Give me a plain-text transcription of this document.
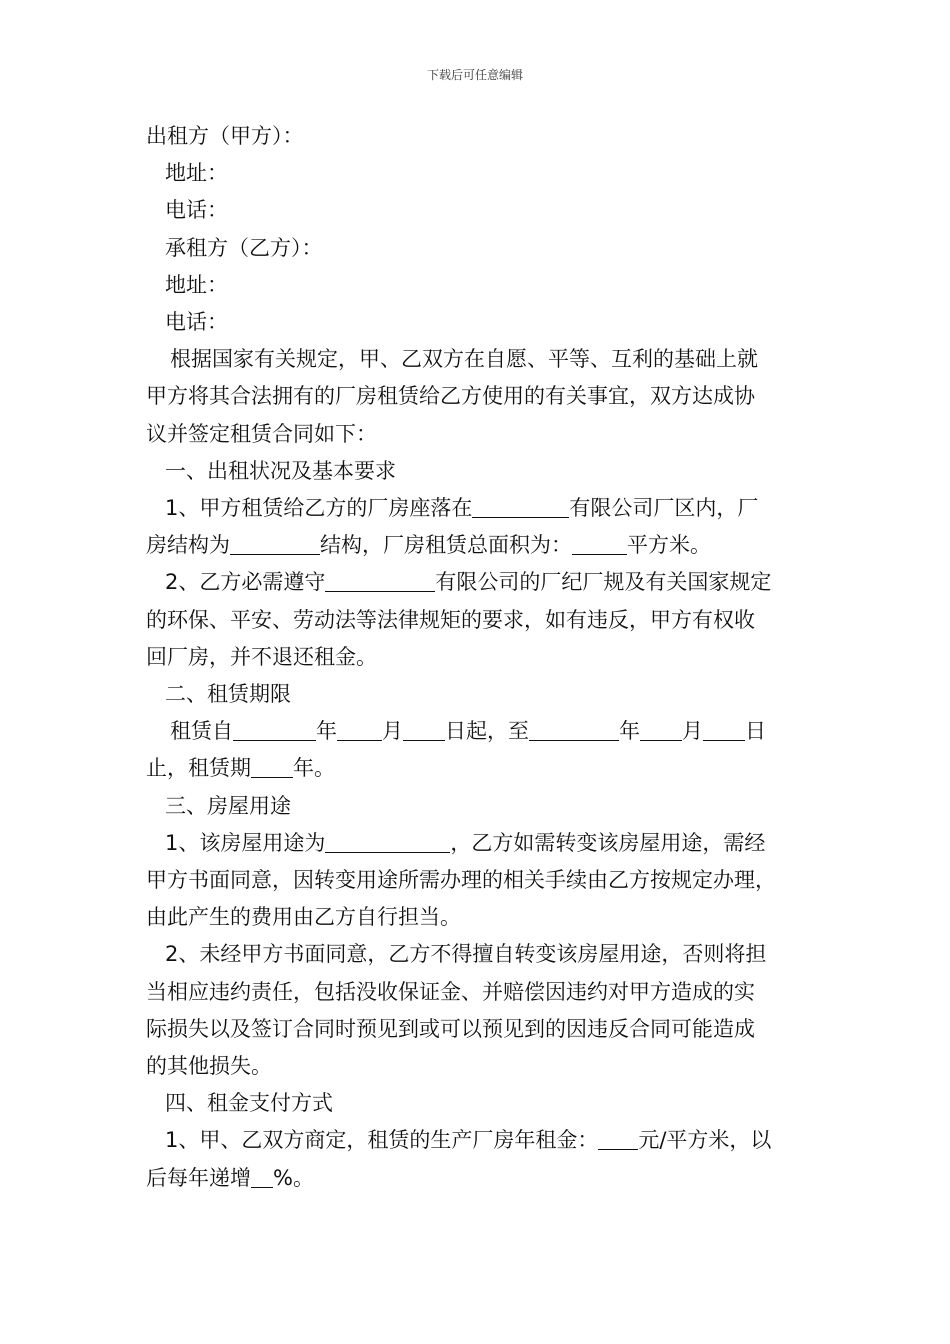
下载后可任意编辑

出租方（甲方）：

地址：

电话：

承租方（乙方）：

地址：

电话：

根据国家有关规定，甲、乙双方在自愿、平等、互利的基础上就

甲方将其合法拥有的厂房租赁给乙方使用的有关事宜，双方达成协

议并签定租赁合同如下：

一、出租状况及基本要求

1、甲方租赁给乙方的厂房座落在	有限公司厂区内，厂

房结构为	结构，厂房租赁总面积为：	平方米。

2、乙方必需遵守	有限公司的厂纪厂规及有关国家规定

的环保、平安、劳动法等法律规矩的要求，如有违反，甲方有权收

回厂房，并不退还租金。

二、租赁期限

租赁自	年 月 日起，至	年 月 日

止，租赁期 年。

三、房屋用途

1、该房屋用途为	，乙方如需转变该房屋用途，需经

甲方书面同意，因转变用途所需办理的相关手续由乙方按规定办理，

由此产生的费用由乙方自行担当。

2、未经甲方书面同意，乙方不得擅自转变该房屋用途，否则将担

当相应违约责任，包括没收保证金、并赔偿因违约对甲方造成的实

际损失以及签订合同时预见到或可以预见到的因违反合同可能造成

的其他损失。

四、租金支付方式

1、甲、乙双方商定，租赁的生产厂房年租金： 元/平方米，以

后每年递增 %。
